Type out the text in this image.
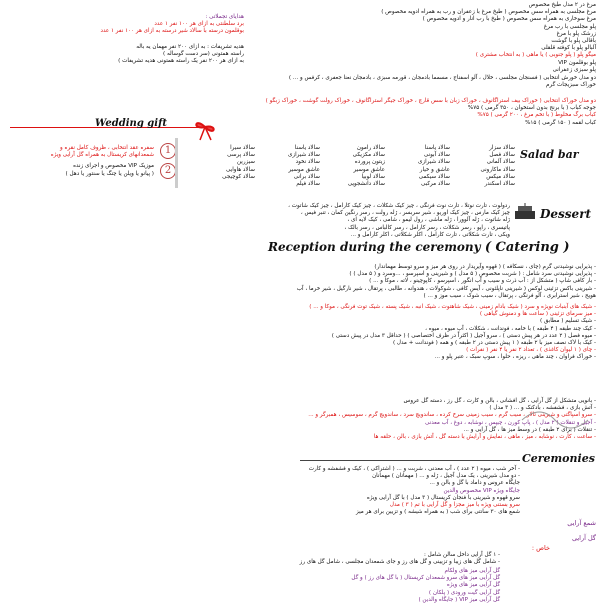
مرغ در ۲ مدل طبخ مخصوص
مرغ مجلسی به همراه سس مخصوص ( طبخ مرغ با زعفران و رب به همراه ادویه مخصوص )
مرغ سوخاری به همراه سس مخصوص ( طبخ با رب انار و ادویه مخصوص )
پلو مجلسی با رب مرغ
زرشک پلو با مرغ
باقالی پلو با گوشت
آلبالو پلو با کوفته قلقلی
میگو پلو ( پلو جنوبی ) یا ماهی ( به انتخاب مشتری )
پلو بوقلمون VIP
پلو سبزی زعفرانی
دو مدل خورش انتخابی ( فسنجان مجلسی ، خلال ، آلو اسفناج ، مسمما بادمجان ، قورمه سبزی ، بادمجان نعنا جعفری ، کرفس و ... )
خوراک سبزیجات گرم
دو مدل خوراک انتخابی ( خوراک بیف استراگانوف ، خوراک زبان با سس قارچ ، خوراک جیگر استراگانوف ، خوراک رولت گوشت ، خوراک زبگو )
جوجه کباب ( با برنج بدون استخوان ، ۳۵۰ گرمی ) ۷۵%
کباب برگ مخلوط ( با تخم مرغ ، ۲۰۰ گرمی ) ۷۵%
کباب لقمه ( ۱۵۰ گرمی ) ۱۵%
هدایای تجملاتی :
برد سلطنتی به ازای هر ۱۰۰ نفر ۱ عدد
بوقلمون درسته با سالاد شیر درسته به ازای هر ۱۰۰ نفر ۱ عدد
هدیه تشریفات : به ازای ۲۰۰ نفر مهمان یه باله
راسته همتونی (سر دست گوساله )
به ازای هر ۲۰۰ نفر یک راسته همتونی هدیه تشریفات )
Wedding gift
1
2
سفره عقد انتخابی ، ظروف کامل نقره و
شمعدانهای کریستال به همراه گل آرایی ویژه
موزیک VIP مخصوص و اجرای زنده
( پیانو یا ویلن یا چنگ یا سنتور یا دهل )
Salad bar
سالاد سزار
سالاد فصل
سالاد آلمانی
سالاد ماکارونی
سالاد میکس
سالاد اسکندر
سالاد یاسنا
سالاد آبونی
سالاد شیرازی
عاشق و خیار
سالاد سیکمی
سالاد مرکبی
سالاد رامون
سالاد مکزیکی
زیتون پرورده
عاشق موسیر
سالاد لوبیا
سالاد دانشجویی
سالاد یاسنا
سالاد شیرازی
سالاد نخود
عاشق موسیر
سالاد برانی
سالاد فیلم
سالاد سیرا
سالاد پرسی
سیزرین
سالاد هاوایی
سالاد کوچیجی
Dessert
ردولوت ، تارت نوتلا ، تارت نوت فرنگی ، چیز کیک شکلات ، چیز کیک کارامل ، چیز کیک شاتوت ،
چیز کیک مارس ، چیز کیک اوریو ، شیر سربسر ، ژله رولت ، رسر رنگین کمان ، تنبر فیس ،
ژله شاتوت ، ژله آلوورا ، ژله ماشی ، رول لیمو ، شامی ، کیک لایه ای ،
پاتیسری ، راپو ، رسر شکلات ، رسر کارامل ، رسر کالباس ، رسر بالک ،
ویکی ، تارت شکلاتی ، تارت کارامل ، اکلر شکلاتی ، اکلر کارامل و ...
Reception during the ceremony ( Catering )
- پذیرایی نوشیدنی گرم (چای ، نسکافه ) ( قهوه وآیریدار در روی هر میز و سرو توسط مهماندار)
- پذیرایی نوشیدنی سرد شامل : ( شربت مخصوص ( ۵ مدل ) و شیرینی و اسپرسو ، ...وسرد و ( ۵ مدل ) )
- بار کافی شاپ ( متشکل از : آب ذرت و سیب و آب انگور ، اسپرسو ، کاپوچینو ، لاته ، موکا و ... )
- شیرینی باکس تزئینی لوکس ( شیرینی ناپلئونی ، آیس کافی ، شوکولات ، هندوانه ، طالبی ، پرتقال ، شیر نارگیل ، شیر خرما ، آب
هویج ، شیر استرابری ، آلو فرنگی ، پرتقال ، سیب شوک ، سیب موز و ... )
- شیک های آبنبات نویژه و سرد ( شیک بادام زمینی ، شیک شاهتوت ، شیک انبه ، شیک پسته ، شیک توت فرنگی ، موکا و ... )
- میز سرمای تزئینی ( ساعت ها و دمنوش گیاهی )
- شیک تسلیم ( مطابق )
- کیک چند طبقه ( ۴ طبقه ) با خامه ، فوندانت ، شکلات ، آب میوه ، میوه ،
- میوه فصل ( ۲ عدد در هر پیش دستی ) ، سرو آجیل ( اکثراً در ظرف اختصاصی ) ( حداقل ۳ مدل در پیش دستی )
- کیک با لاک نصف میز با ۲ طبقه ( ۱ پیش دستی در ۲ طبقه ) و همه ( فوندانت + مدل )
- چای ( ۱ لیوان کاغذی ) ، تعداد ۲ نفر یا ۴ نفر ( نفرات )
- خوراک فراوان ، چند ماهی ، ریزه ، حلوا ، سوپ سبک ، عنبر پلو و ...
Ceremonies
- بانویی متشکل از گل آرایی ، گل افشانی ، بالن و کارت ، گل رز ، دسته گل عروس
- آتش بازی ، فشفشه ، بادکنک و ... ( ۳ مدل )
- سرو اسپاگتی و شیرینی تالار ، سیب گرم ، سیب زمینی سرخ کرده ، ساندویچ سرد ، ساندویچ گرم ، سوسیس ، همبرگر و ...
- آجیل و تنقلات ( ۲ مدل ) ، پاپ کورن ، چیپس ، نوشابه ، دوغ ، آب معدنی
- تنقلات ( برای ۲ طبقه ) در وسط میز ها ، گل آرایی و ...
- ساعت ، کارت ، نوشابه ، میز ، ماهی ، نمایش و آرایش با دسته گل ، آتش بازی ، بالن ، حلقه ها
- آخر شب ، میوه ( ۲ عدد ) ، آب معدنی ، شربت و ... ( اشتراکی ) ، کیک و فشفشه و کارت
- دو مدل شیرینی ، یک مدل آجیل ، ژله و ... ( مهمانان ) مهمانان
جایگاه عروس و داماد با گل و بالن و ...
جایگاه ویژه VIP مخصوص والدین
سرو قهوه و شیرینی با فنجان کریستال ( ۳ مدل ) با گل آرایی ویژه
سرو بستنی ویژه با میز مجزا و گل آرایی با تم ( ۳ ) مدل
شمع های ۳۰ سانتی برای شب ( به همراه شیشه ) و تزیین برای هر میز
شمع آرایی
گل آرایی
خاص :
- ۱ گل آرایی داخل سالن شامل :
- شامل گل های زیبا و تزیینی و گل های رز و جای شمعدان مجلسی ، شامل گل های رز
گل آرایی میز های ولکام
گل آرایی میز های سرو شمعدان کریستال ( با گل های رز ) و گل
گل آرایی میز های ویژه
گل آرایی گیت ورودی ( پلکان )
گل آرایی میز VIP ( جایگاه والدین )
